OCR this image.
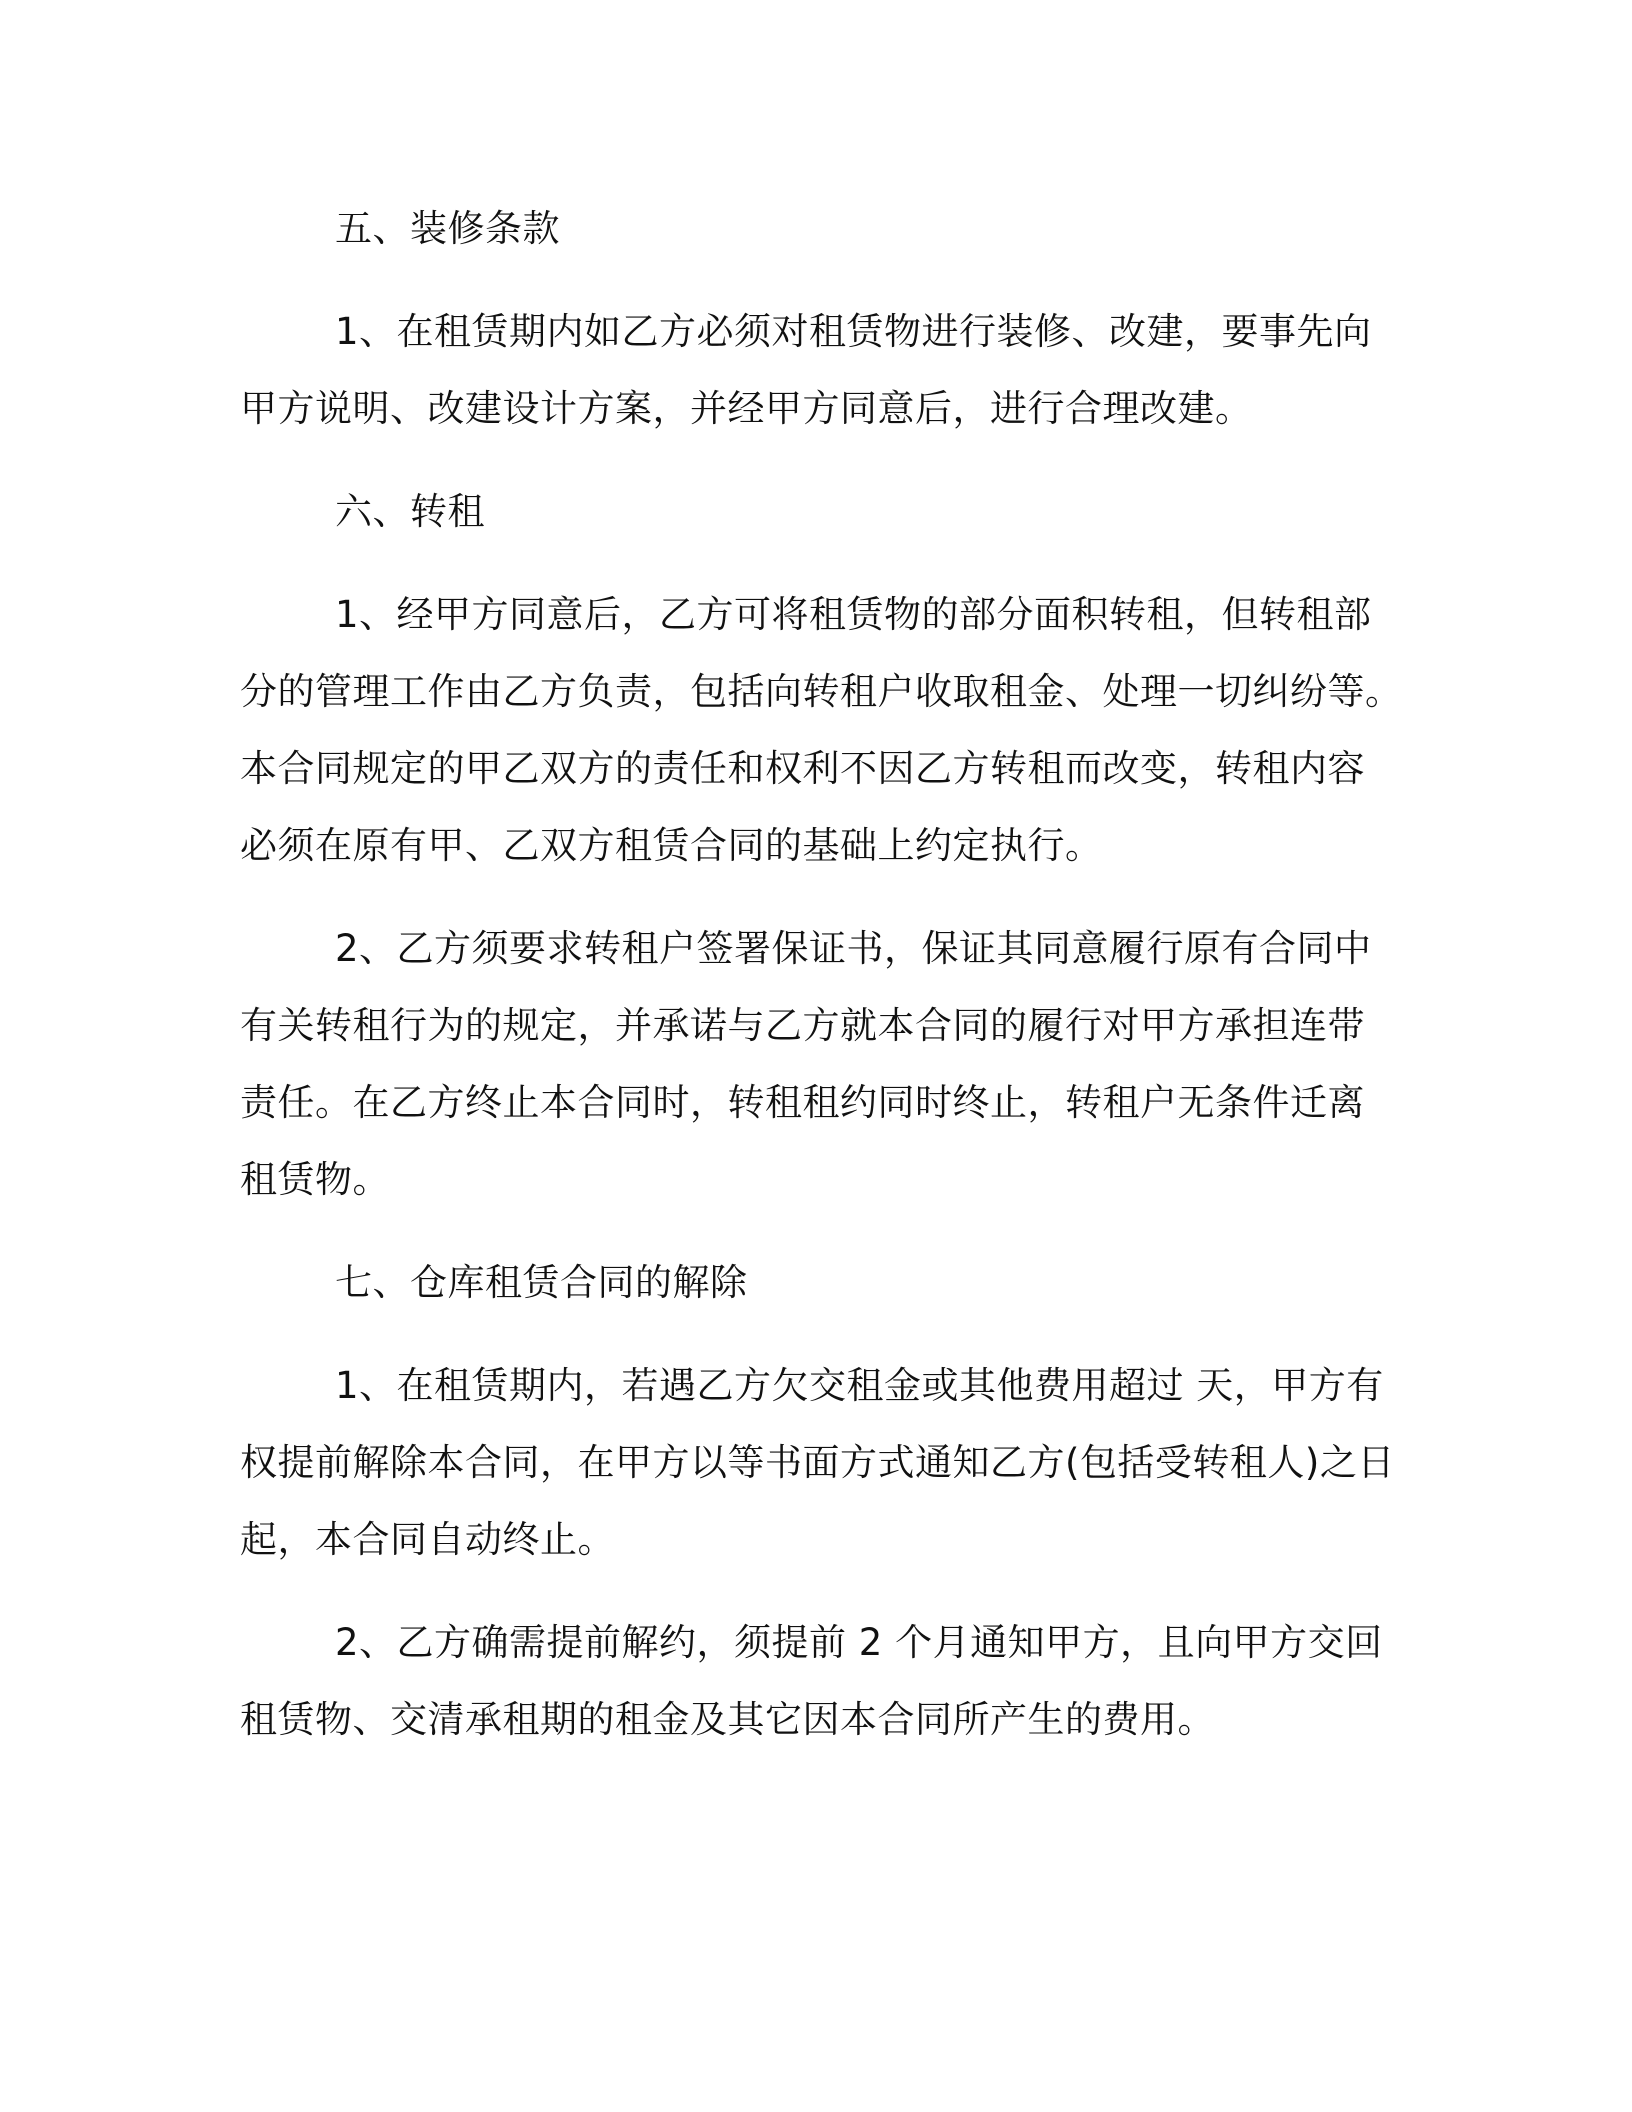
五、装修条款

1、在租赁期内如乙方必须对租赁物进行装修、改建，要事先向
甲方说明、改建设计方案，并经甲方同意后，进行合理改建。

六、转租

1、经甲方同意后，乙方可将租赁物的部分面积转租，但转租部
分的管理工作由乙方负责，包括向转租户收取租金、处理一切纠纷等。
本合同规定的甲乙双方的责任和权利不因乙方转租而改变，转租内容
必须在原有甲、乙双方租赁合同的基础上约定执行。

2、乙方须要求转租户签署保证书，保证其同意履行原有合同中
有关转租行为的规定，并承诺与乙方就本合同的履行对甲方承担连带
责任。在乙方终止本合同时，转租租约同时终止，转租户无条件迁离
租赁物。

七、仓库租赁合同的解除

1、在租赁期内，若遇乙方欠交租金或其他费用超过 天，甲方有
权提前解除本合同，在甲方以等书面方式通知乙方(包括受转租人)之日
起，本合同自动终止。

2、乙方确需提前解约，须提前 2 个月通知甲方，且向甲方交回
租赁物、交清承租期的租金及其它因本合同所产生的费用。
